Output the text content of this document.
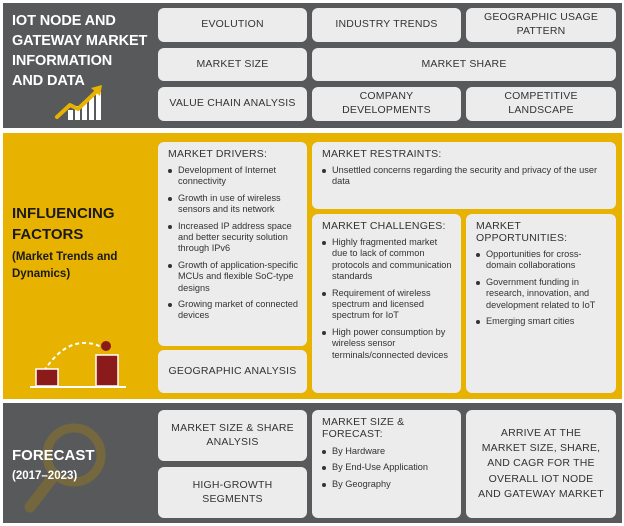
IOT NODE AND
GATEWAY MARKET
INFORMATION
AND DATA
EVOLUTION	INDUSTRY TRENDS
GEOGRAPHIC USAGE PATTERN
MARKET SIZE	MARKET SHARE
VALUE CHAIN ANALYSIS
COMPANY DEVELOPMENTS
COMPETITIVE LANDSCAPE
INFLUENCING
FACTORS
(Market Trends and
Dynamics)
MARKET DRIVERS:
Development of Internet connectivity
Growth in use of wireless sensors and its network
Increased IP address space and better security solution through IPv6
Growth of application-specific MCUs and flexible SoC-type designs
Growing market of connected devices
GEOGRAPHIC ANALYSIS
MARKET RESTRAINTS:
Unsettled concerns regarding the security and privacy of the user data
MARKET CHALLENGES:
Highly fragmented market due to lack of common protocols and communication standards
Requirement of wireless spectrum and licensed spectrum for IoT
High power consumption by wireless sensor terminals/connected devices
MARKET OPPORTUNITIES:
Opportunities for cross-domain collaborations
Government funding in research, innovation, and development related to IoT
Emerging smart cities
FORECAST
(2017–2023)
MARKET SIZE & SHARE ANALYSIS
HIGH-GROWTH SEGMENTS
MARKET SIZE & FORECAST:
By Hardware
By End-Use Application
By Geography
ARRIVE AT THE MARKET SIZE, SHARE, AND CAGR FOR THE OVERALL IOT NODE AND GATEWAY MARKET
